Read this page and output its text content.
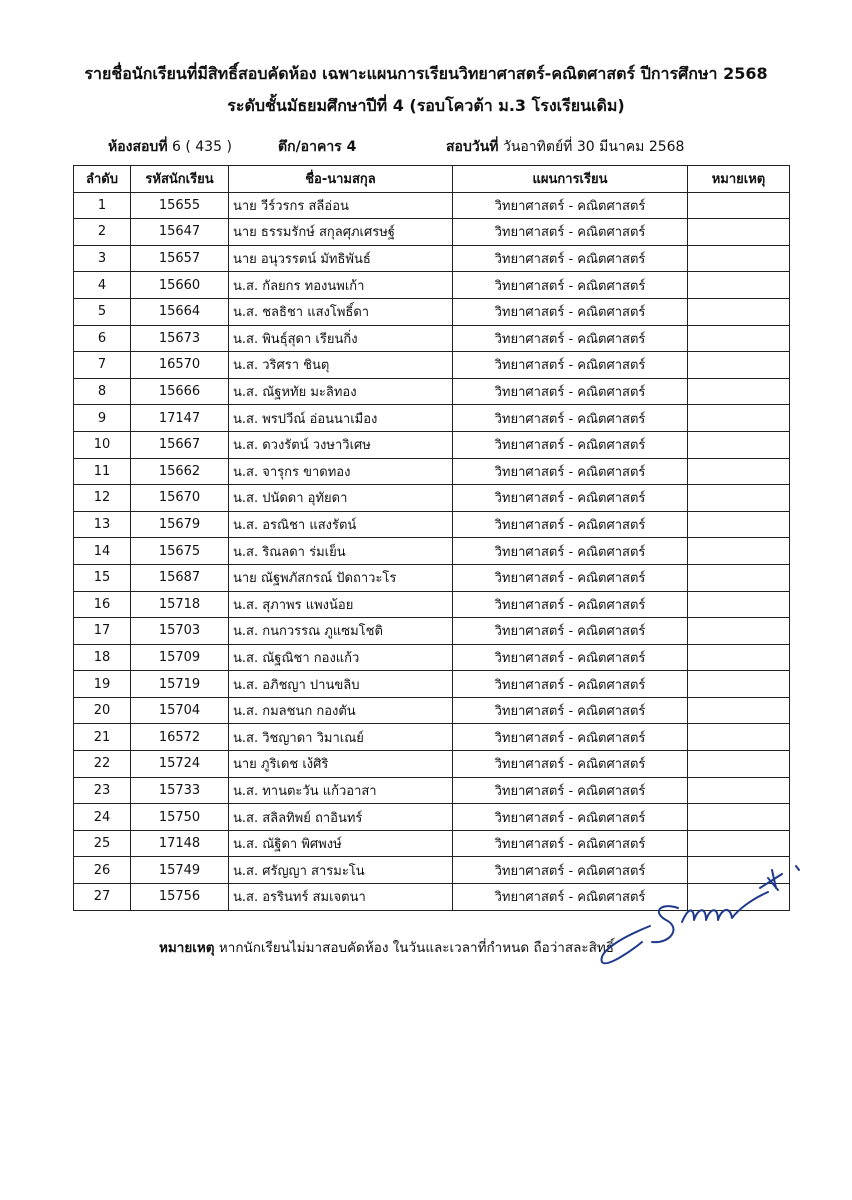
รายชื่อนักเรียนที่มีสิทธิ์สอบคัดห้อง เฉพาะแผนการเรียนวิทยาศาสตร์-คณิตศาสตร์ ปีการศึกษา 2568
ระดับชั้นมัธยมศึกษาปีที่ 4 (รอบโควต้า ม.3 โรงเรียนเดิม)
ห้องสอบที่ 6 ( 435 )	ตึก/อาคาร 4	สอบวันที่ วันอาทิตย์ที่ 30 มีนาคม 2568
ลำดับ	รหัสนักเรียน	ชื่อ-นามสกุล	แผนการเรียน	หมายเหตุ
1	15655	นาย วีร์วรกร สลีอ่อน	วิทยาศาสตร์ - คณิตศาสตร์	
2	15647	นาย ธรรมรักษ์ สกุลศุภเศรษฐ์	วิทยาศาสตร์ - คณิตศาสตร์	
3	15657	นาย อนุวรรตน์ มัทธิพันธ์	วิทยาศาสตร์ - คณิตศาสตร์	
4	15660	น.ส. กัลยกร ทองนพเก้า	วิทยาศาสตร์ - คณิตศาสตร์	
5	15664	น.ส. ชลธิชา แสงโพธิ์ดา	วิทยาศาสตร์ - คณิตศาสตร์	
6	15673	น.ส. พินธุ์สุดา เรียนกิ่ง	วิทยาศาสตร์ - คณิตศาสตร์	
7	16570	น.ส. วริศรา ชินตุ	วิทยาศาสตร์ - คณิตศาสตร์	
8	15666	น.ส. ณัฐหทัย มะลิทอง	วิทยาศาสตร์ - คณิตศาสตร์	
9	17147	น.ส. พรปวีณ์ อ่อนนาเมือง	วิทยาศาสตร์ - คณิตศาสตร์	
10	15667	น.ส. ดวงรัตน์ วงษาวิเศษ	วิทยาศาสตร์ - คณิตศาสตร์	
11	15662	น.ส. จารุกร ขาดทอง	วิทยาศาสตร์ - คณิตศาสตร์	
12	15670	น.ส. ปนัดดา อุทัยดา	วิทยาศาสตร์ - คณิตศาสตร์	
13	15679	น.ส. อรณิชา แสงรัตน์	วิทยาศาสตร์ - คณิตศาสตร์	
14	15675	น.ส. ริณลดา ร่มเย็น	วิทยาศาสตร์ - คณิตศาสตร์	
15	15687	นาย ณัฐพภัสกรณ์ ปัดถาวะโร	วิทยาศาสตร์ - คณิตศาสตร์	
16	15718	น.ส. สุภาพร แพงน้อย	วิทยาศาสตร์ - คณิตศาสตร์	
17	15703	น.ส. กนกวรรณ ภูแซมโชติ	วิทยาศาสตร์ - คณิตศาสตร์	
18	15709	น.ส. ณัฐณิชา กองแก้ว	วิทยาศาสตร์ - คณิตศาสตร์	
19	15719	น.ส. อภิชญา ปานขลิบ	วิทยาศาสตร์ - คณิตศาสตร์	
20	15704	น.ส. กมลชนก กองตัน	วิทยาศาสตร์ - คณิตศาสตร์	
21	16572	น.ส. วิชญาดา วิมาเณย์	วิทยาศาสตร์ - คณิตศาสตร์	
22	15724	นาย ภูริเดช เง้ศิริ	วิทยาศาสตร์ - คณิตศาสตร์	
23	15733	น.ส. ทานตะวัน แก้วอาสา	วิทยาศาสตร์ - คณิตศาสตร์	
24	15750	น.ส. สลิลทิพย์ ถาอินทร์	วิทยาศาสตร์ - คณิตศาสตร์	
25	17148	น.ส. ณัฐิดา พิศพงษ์	วิทยาศาสตร์ - คณิตศาสตร์	
26	15749	น.ส. ศรัญญา สารมะโน	วิทยาศาสตร์ - คณิตศาสตร์	
27	15756	น.ส. อรรินทร์ สมเจตนา	วิทยาศาสตร์ - คณิตศาสตร์	
หมายเหตุ หากนักเรียนไม่มาสอบคัดห้อง ในวันและเวลาที่กำหนด ถือว่าสละสิทธิ์
